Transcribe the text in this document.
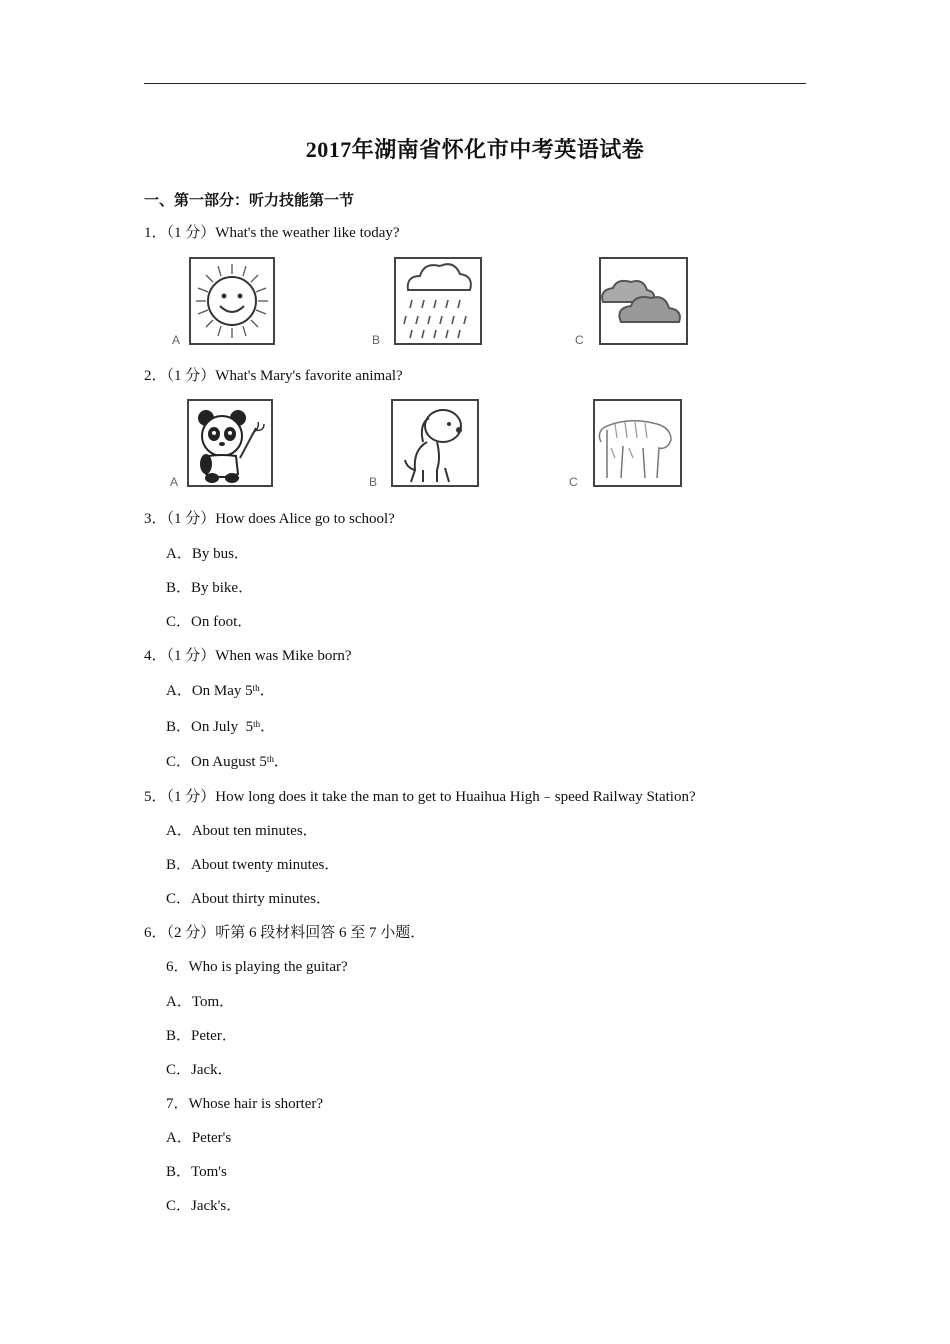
2017年湖南省怀化市中考英语试卷
一、第一部分：听力技能第一节
1．（1 分）What's the weather like today?
A	B	C
2．（1 分）What's Mary's favorite animal?
A	B	C
3．（1 分）How does Alice go to school?
A．By bus．
B．By bike．
C．On foot．
4．（1 分）When was Mike born?
A．On May 5th．
B．On July  5th．
C．On August 5th．
5．（1 分）How long does it take the man to get to Huaihua High﹣speed Railway Station?
A．About ten minutes．
B．About twenty minutes．
C．About thirty minutes．
6．（2 分）听第 6 段材料回答 6 至 7 小题．
6．Who is playing the guitar?
A．Tom．
B．Peter．
C．Jack．
7．Whose hair is shorter?
A．Peter's
B．Tom's
C．Jack's．
